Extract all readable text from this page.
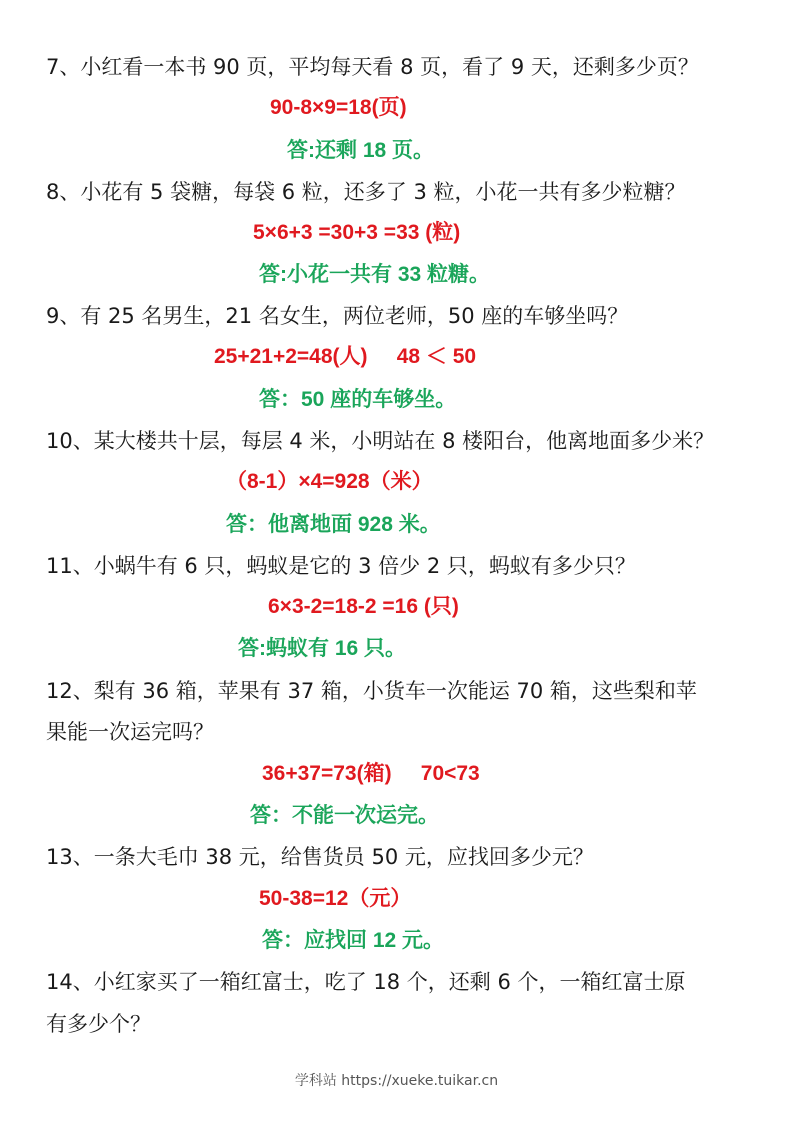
7、小红看一本书 90 页，平均每天看 8 页，看了 9 天，还剩多少页？
90-8×9=18(页)
答:还剩 18 页。
8、小花有 5 袋糖，每袋 6 粒，还多了 3 粒，小花一共有多少粒糖？
5×6+3 =30+3 =33 (粒)
答:小花一共有 33 粒糖。
9、有 25 名男生，21 名女生，两位老师，50 座的车够坐吗？
25+21+2=48(人)     48 ＜ 50
答：50 座的车够坐。
10、某大楼共十层，每层 4 米，小明站在 8 楼阳台，他离地面多少米？
（8-1）×4=928（米）
答：他离地面 928 米。
11、小蜗牛有 6 只，蚂蚁是它的 3 倍少 2 只，蚂蚁有多少只？
6×3-2=18-2 =16 (只)
答:蚂蚁有 16 只。
12、梨有 36 箱，苹果有 37 箱，小货车一次能运 70 箱，这些梨和苹
果能一次运完吗？
36+37=73(箱)     70<73
答：不能一次运完。
13、一条大毛巾 38 元，给售货员 50 元，应找回多少元？
50-38=12（元）
答：应找回 12 元。
14、小红家买了一箱红富士，吃了 18 个，还剩 6 个，一箱红富士原
有多少个？
学科站 https://xueke.tuikar.cn
